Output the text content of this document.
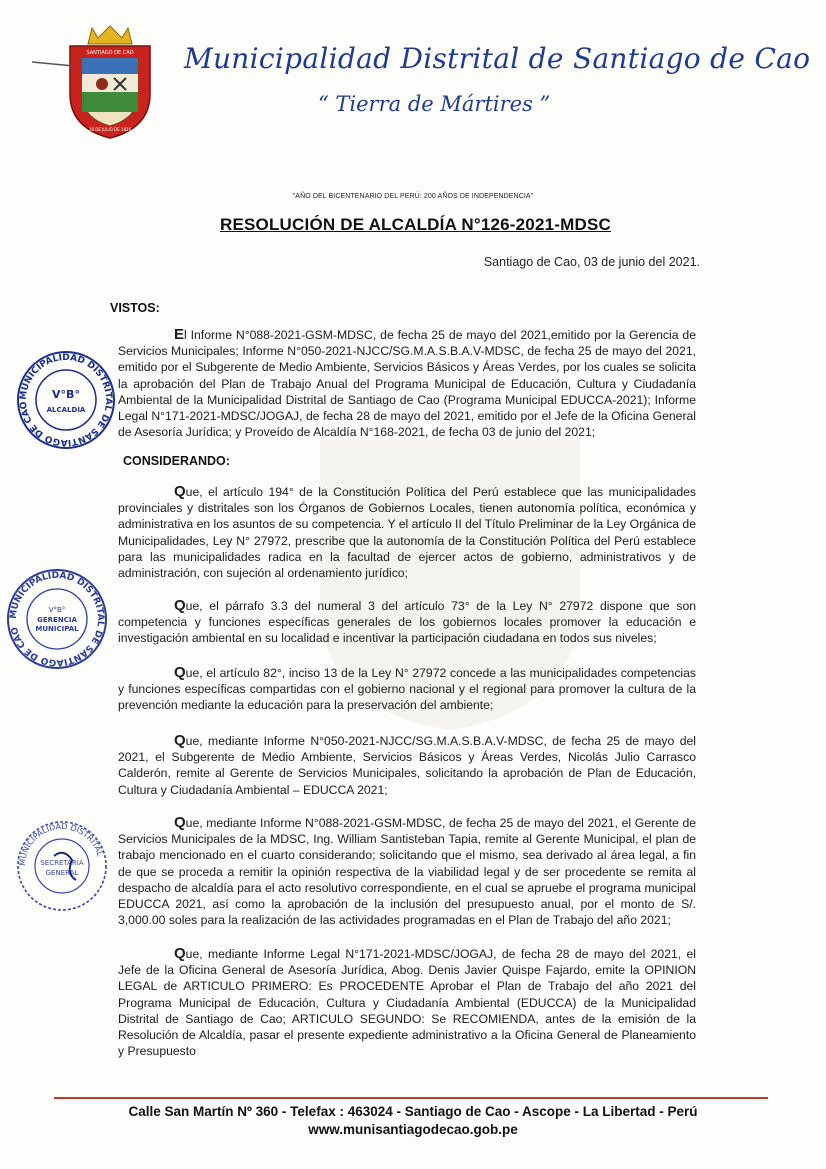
SANTIAGO DE CAO
28 DE JULIO DE 1826
Municipalidad Distrital de Santiago de Cao
“ Tierra de Mártires ”
"AÑO DEL BICENTENARIO DEL PERÚ: 200 AÑOS DE INDEPENDENCIA"
RESOLUCIÓN DE ALCALDÍA N°126-2021-MDSC
Santiago de Cao, 03 de junio del 2021.
VISTOS:
El Informe N°088-2021-GSM-MDSC, de fecha 25 de mayo del 2021,emitido por la Gerencia de Servicios Municipales; Informe N°050-2021-NJCC/SG.M.A.S.B.A.V-MDSC, de fecha 25 de mayo del 2021, emitido por el Subgerente de Medio Ambiente, Servicios Básicos y Áreas Verdes, por los cuales se solicita la aprobación del Plan de Trabajo Anual del Programa Municipal de Educación, Cultura y Ciudadanía Ambiental de la Municipalidad Distrital de Santiago de Cao (Programa Municipal EDUCCA-2021); Informe Legal N°171-2021-MDSC/JOGAJ, de fecha 28 de mayo del 2021, emitido por el Jefe de la Oficina General de Asesoría Jurídica; y Proveído de Alcaldía N°168-2021, de fecha 03 de junio del 2021;
CONSIDERANDO:
Que, el artículo 194° de la Constitución Política del Perú establece que las municipalidades provinciales y distritales son los Órganos de Gobiernos Locales, tienen autonomía política, económica y administrativa en los asuntos de su competencia. Y el artículo II del Título Preliminar de la Ley Orgánica de Municipalidades, Ley N° 27972, prescribe que la autonomía de la Constitución Política del Perú establece para las municipalidades radica en la facultad de ejercer actos de gobierno, administrativos y de administración, con sujeción al ordenamiento jurídico;
Que, el párrafo 3.3 del numeral 3 del artículo 73° de la Ley N° 27972 dispone que son competencia y funciones específicas generales de los gobiernos locales promover la educación e investigación ambiental en su localidad e incentivar la participación ciudadana en todos sus niveles;
Que, el artículo 82°, inciso 13 de la Ley N° 27972 concede a las municipalidades competencias y funciones específicas compartidas con el gobierno nacional y el regional para promover la cultura de la prevención mediante la educación para la preservación del ambiente;
Que, mediante Informe N°050-2021-NJCC/SG.M.A.S.B.A.V-MDSC, de fecha 25 de mayo del 2021, el Subgerente de Medio Ambiente, Servicios Básicos y Áreas Verdes, Nicolás Julio Carrasco Calderón, remite al Gerente de Servicios Municipales, solicitando la aprobación de Plan de Educación, Cultura y Ciudadanía Ambiental – EDUCCA 2021;
Que, mediante Informe N°088-2021-GSM-MDSC, de fecha 25 de mayo del 2021, el Gerente de Servicios Municipales de la MDSC, Ing. William Santisteban Tapia, remite al Gerente Municipal, el plan de trabajo mencionado en el cuarto considerando; solicitando que el mismo, sea derivado al área legal, a fin de que se proceda a remitir la opinión respectiva de la viabilidad legal y de ser procedente se remita al despacho de alcaldía para el acto resolutivo correspondiente, en el cual se apruebe el programa municipal EDUCCA 2021, así como la aprobación de la inclusión del presupuesto anual, por el monto de S/. 3,000.00 soles para la realización de las actividades programadas en el Plan de Trabajo del año 2021;
Que, mediante Informe Legal N°171-2021-MDSC/JOGAJ, de fecha 28 de mayo del 2021, el Jefe de la Oficina General de Asesoría Jurídica, Abog. Denis Javier Quispe Fajardo, emite la OPINION LEGAL de ARTICULO PRIMERO: Es PROCEDENTE Aprobar el Plan de Trabajo del año 2021 del Programa Municipal de Educación, Cultura y Ciudadanía Ambiental (EDUCCA) de la Municipalidad Distrital de Santiago de Cao; ARTICULO SEGUNDO: Se RECOMIENDA, antes de la emisión de la Resolución de Alcaldía, pasar el presente expediente administrativo a la Oficina General de Planeamiento y Presupuesto
MUNICIPALIDAD DISTRITAL DE SANTIAGO DE CAO
V°B°
ALCALDIA
MUNICIPALIDAD DISTRITAL DE SANTIAGO DE CAO
V°B°
GERENCIA
MUNICIPAL
MUNICIPALIDAD DISTRITAL
SECRETARÍA
GENERAL
Calle San Martín Nº 360 - Telefax : 463024 - Santiago de Cao - Ascope - La Libertad - Perú
www.munisantiagodecao.gob.pe
